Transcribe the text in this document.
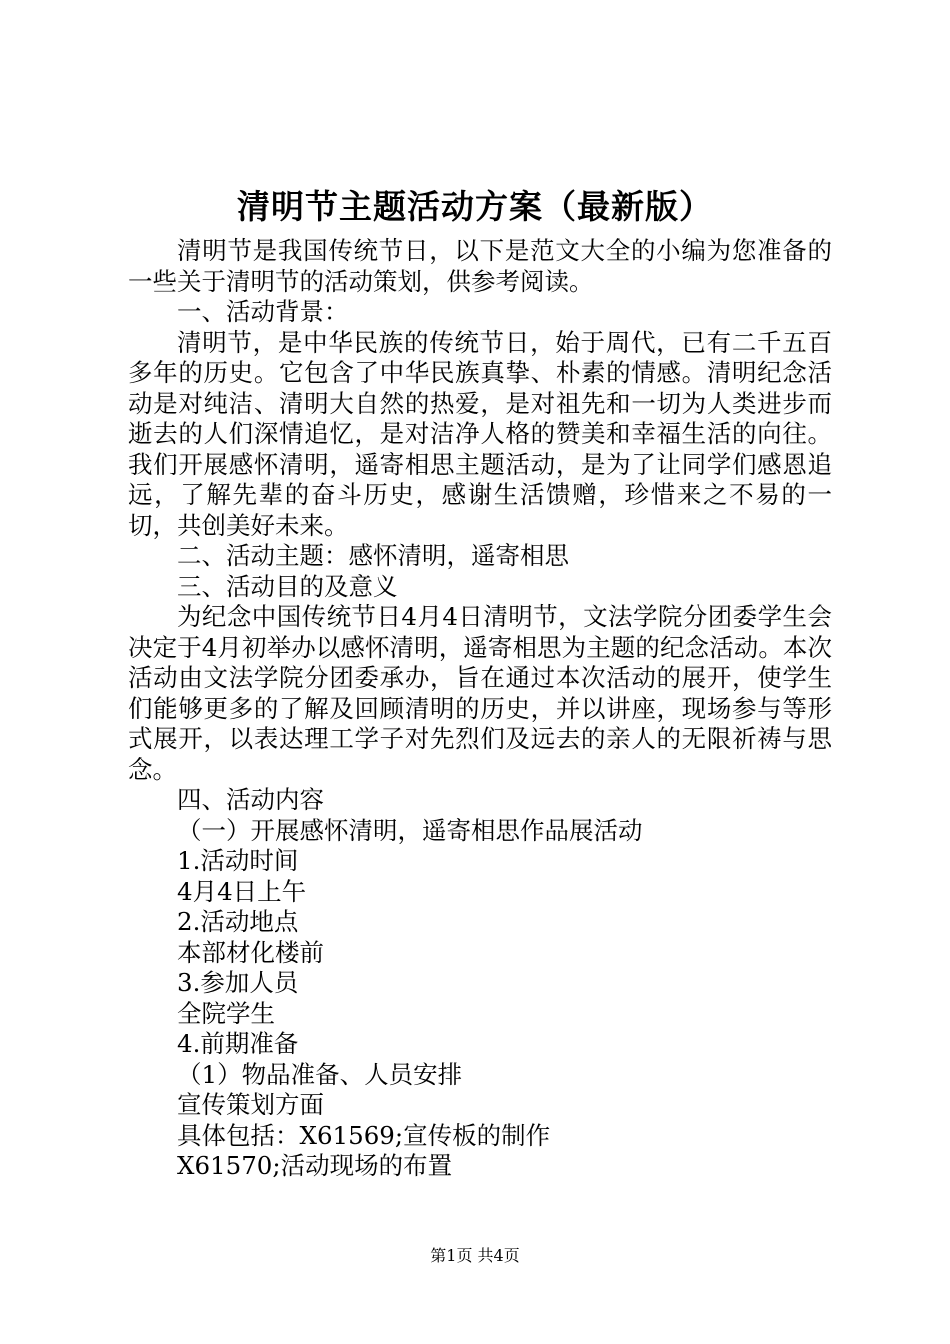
清明节主题活动方案（最新版）

清明节是我国传统节日，以下是范文大全的小编为您准备的一些关于清明节的活动策划，供参考阅读。

一、活动背景：

清明节，是中华民族的传统节日，始于周代，已有二千五百多年的历史。它包含了中华民族真挚、朴素的情感。清明纪念活动是对纯洁、清明大自然的热爱，是对祖先和一切为人类进步而逝去的人们深情追忆，是对洁净人格的赞美和幸福生活的向往。我们开展感怀清明，遥寄相思主题活动，是为了让同学们感恩追远，了解先辈的奋斗历史，感谢生活馈赠，珍惜来之不易的一切，共创美好未来。

二、活动主题：感怀清明，遥寄相思

三、活动目的及意义

为纪念中国传统节日4月4日清明节，文法学院分团委学生会决定于4月初举办以感怀清明，遥寄相思为主题的纪念活动。本次活动由文法学院分团委承办，旨在通过本次活动的展开，使学生们能够更多的了解及回顾清明的历史，并以讲座，现场参与等形式展开，以表达理工学子对先烈们及远去的亲人的无限祈祷与思念。

四、活动内容

（一）开展感怀清明，遥寄相思作品展活动

1.活动时间

4月4日上午

2.活动地点

本部材化楼前

3.参加人员

全院学生

4.前期准备

（1）物品准备、人员安排

宣传策划方面

具体包括：X61569;宣传板的制作

X61570;活动现场的布置

第1页 共4页
